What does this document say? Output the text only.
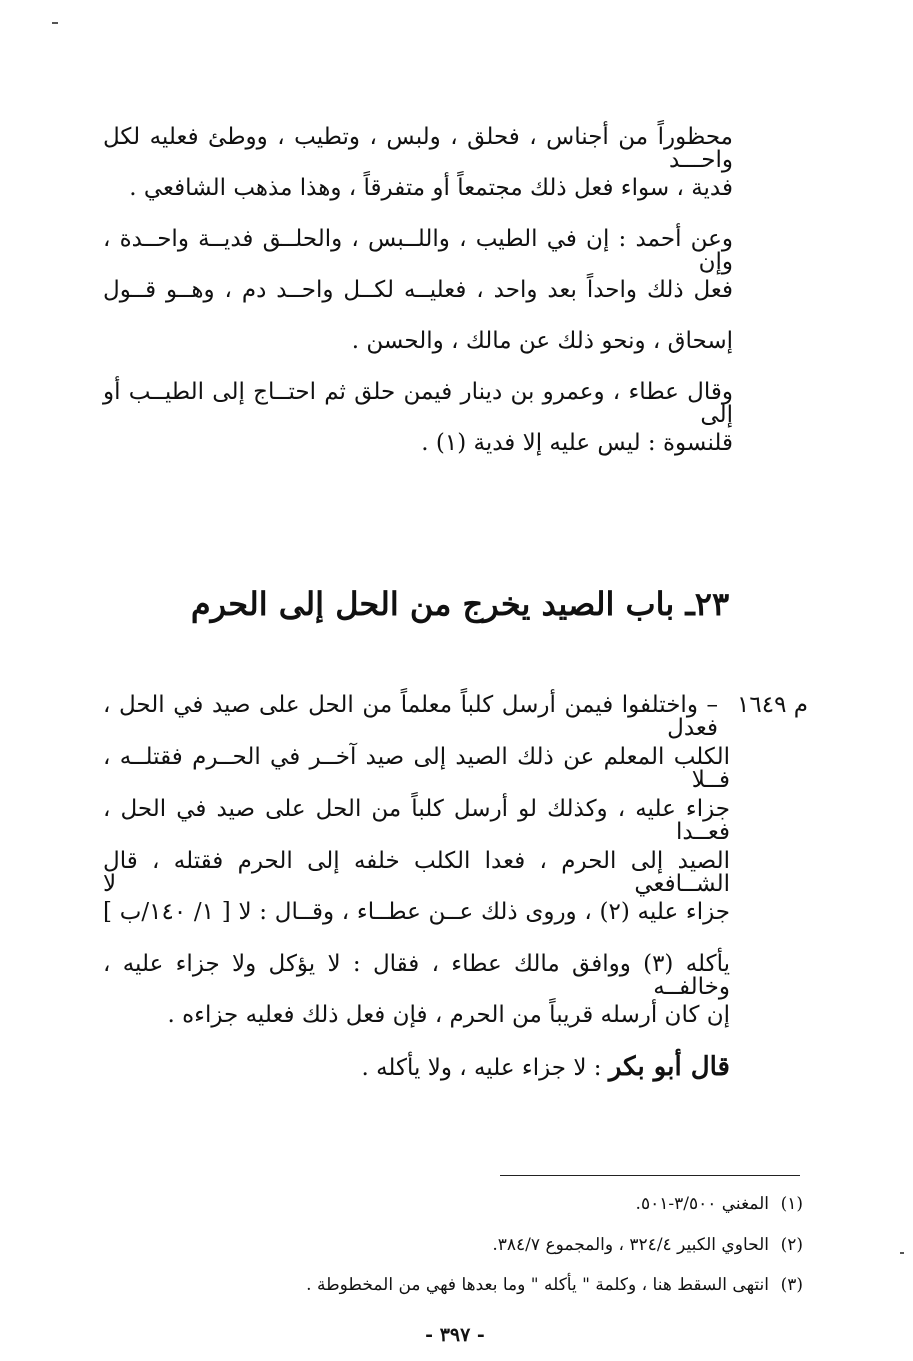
محظوراً من أجناس ، فحلق ، ولبس ، وتطيب ، ووطئ فعليه لكل واحـــد
فدية ، سواء فعل ذلك مجتمعاً أو متفرقاً ، وهذا مذهب الشافعي .
وعن أحمد : إن في الطيب ، واللــبس ، والحلــق فديــة واحــدة ، وإن
فعل ذلك واحداً بعد واحد ، فعليــه لكــل واحــد دم ، وهــو قــول
إسحاق ، ونحو ذلك عن مالك ، والحسن .
وقال عطاء ، وعمرو بن دينار فيمن حلق ثم احتــاج إلى الطيــب أو إلى
قلنسوة : ليس عليه إلا فدية (١) .
٢٣ـ باب الصيد يخرج من الحل إلى الحرم
م ١٦٤٩
– واختلفوا فيمن أرسل كلباً معلماً من الحل على صيد في الحل ، فعدل
الكلب المعلم عن ذلك الصيد إلى صيد آخــر في الحــرم فقتلــه ، فــلا
جزاء عليه ، وكذلك لو أرسل كلباً من الحل على صيد في الحل ، فعــدا
الصيد إلى الحرم ، فعدا الكلب خلفه إلى الحرم فقتله ، قال الشــافعي لا
جزاء عليه (٢) ، وروى ذلك عــن عطــاء ، وقــال : لا [ ١/ ١٤٠/ب ]
يأكله (٣) ووافق مالك عطاء ، فقال : لا يؤكل ولا جزاء عليه ، وخالفــه
إن كان أرسله قريباً من الحرم ، فإن فعل ذلك فعليه جزاءه .
قال أبو بكر : لا جزاء عليه ، ولا يأكله .
(١)المغني ٣/٥٠٠-٥٠١.
(٢)الحاوي الكبير ٣٢٤/٤ ، والمجموع ٣٨٤/٧.
(٣)انتهى السقط هنا ، وكلمة " يأكله " وما بعدها فهي من المخطوطة .
- ٣٩٧ -
